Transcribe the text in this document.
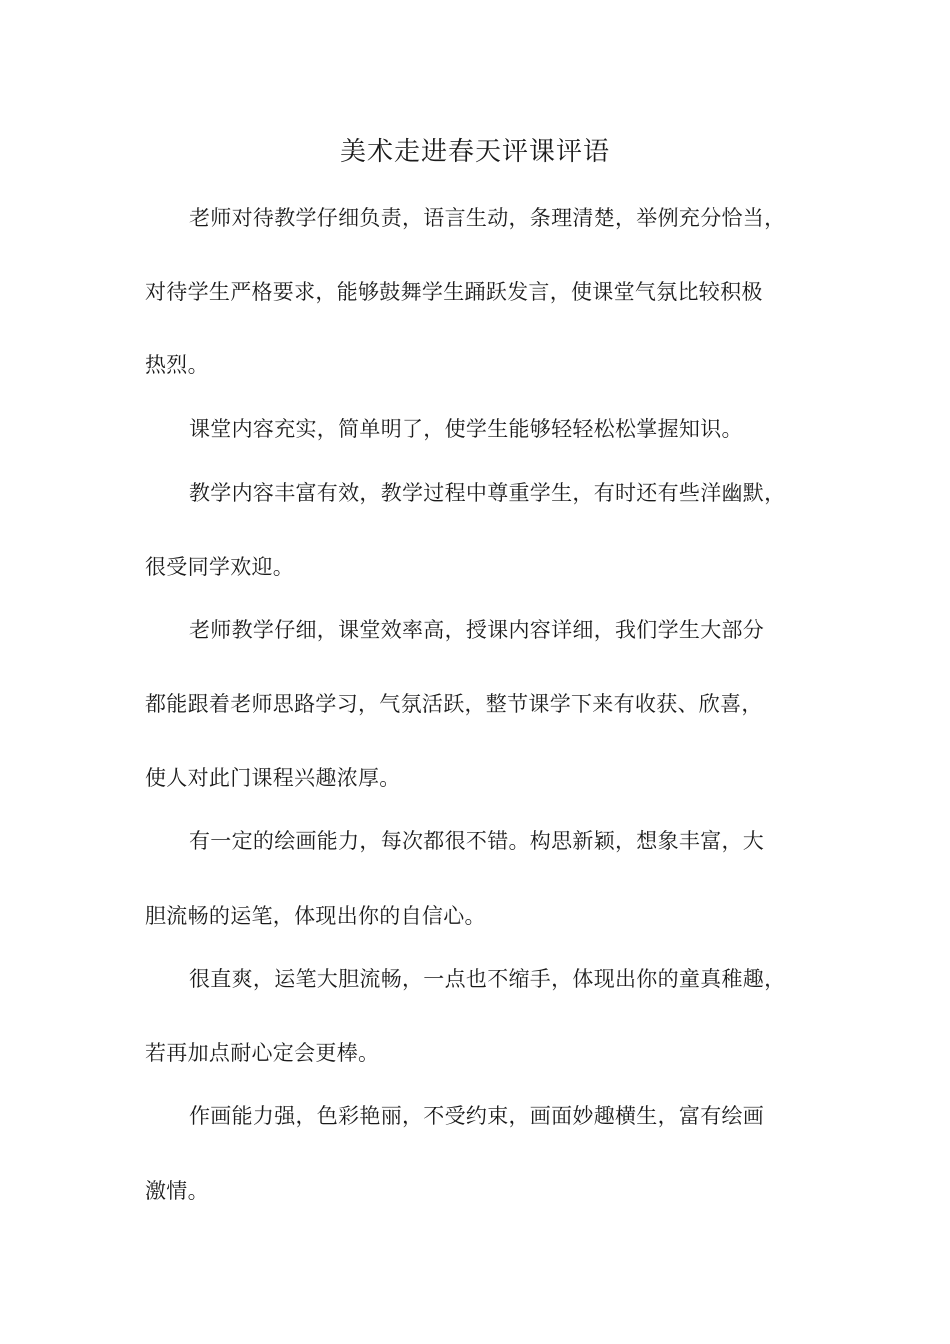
美术走进春天评课评语
老师对待教学仔细负责，语言生动，条理清楚，举例充分恰当，
对待学生严格要求，能够鼓舞学生踊跃发言，使课堂气氛比较积极
热烈。
课堂内容充实，简单明了，使学生能够轻轻松松掌握知识。
教学内容丰富有效，教学过程中尊重学生，有时还有些洋幽默，
很受同学欢迎。
老师教学仔细，课堂效率高，授课内容详细，我们学生大部分
都能跟着老师思路学习，气氛活跃，整节课学下来有收获、欣喜，
使人对此门课程兴趣浓厚。
有一定的绘画能力，每次都很不错。构思新颖，想象丰富，大
胆流畅的运笔，体现出你的自信心。
很直爽，运笔大胆流畅，一点也不缩手，体现出你的童真稚趣，
若再加点耐心定会更棒。
作画能力强，色彩艳丽，不受约束，画面妙趣横生，富有绘画
激情。
